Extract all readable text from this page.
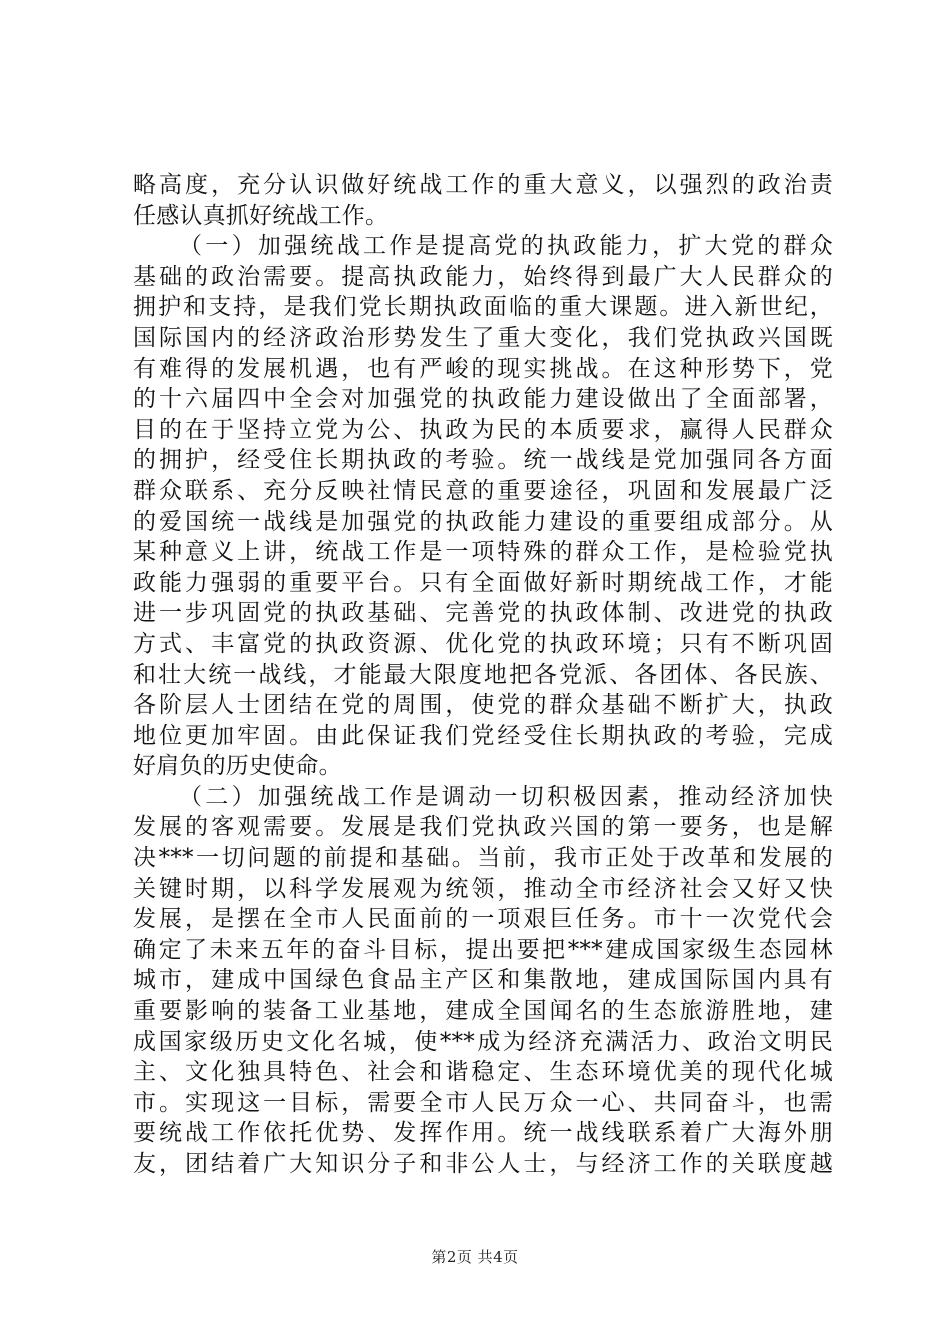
略高度，充分认识做好统战工作的重大意义，以强烈的政治责
任感认真抓好统战工作。
（一）加强统战工作是提高党的执政能力，扩大党的群众
基础的政治需要。提高执政能力，始终得到最广大人民群众的
拥护和支持，是我们党长期执政面临的重大课题。进入新世纪，
国际国内的经济政治形势发生了重大变化，我们党执政兴国既
有难得的发展机遇，也有严峻的现实挑战。在这种形势下，党
的十六届四中全会对加强党的执政能力建设做出了全面部署，
目的在于坚持立党为公、执政为民的本质要求，赢得人民群众
的拥护，经受住长期执政的考验。统一战线是党加强同各方面
群众联系、充分反映社情民意的重要途径，巩固和发展最广泛
的爱国统一战线是加强党的执政能力建设的重要组成部分。从
某种意义上讲，统战工作是一项特殊的群众工作，是检验党执
政能力强弱的重要平台。只有全面做好新时期统战工作，才能
进一步巩固党的执政基础、完善党的执政体制、改进党的执政
方式、丰富党的执政资源、优化党的执政环境；只有不断巩固
和壮大统一战线，才能最大限度地把各党派、各团体、各民族、
各阶层人士团结在党的周围，使党的群众基础不断扩大，执政
地位更加牢固。由此保证我们党经受住长期执政的考验，完成
好肩负的历史使命。
（二）加强统战工作是调动一切积极因素，推动经济加快
发展的客观需要。发展是我们党执政兴国的第一要务，也是解
决***一切问题的前提和基础。当前，我市正处于改革和发展的
关键时期，以科学发展观为统领，推动全市经济社会又好又快
发展，是摆在全市人民面前的一项艰巨任务。市十一次党代会
确定了未来五年的奋斗目标，提出要把***建成国家级生态园林
城市，建成中国绿色食品主产区和集散地，建成国际国内具有
重要影响的装备工业基地，建成全国闻名的生态旅游胜地，建
成国家级历史文化名城，使***成为经济充满活力、政治文明民
主、文化独具特色、社会和谐稳定、生态环境优美的现代化城
市。实现这一目标，需要全市人民万众一心、共同奋斗，也需
要统战工作依托优势、发挥作用。统一战线联系着广大海外朋
友，团结着广大知识分子和非公人士，与经济工作的关联度越
第2页 共4页
